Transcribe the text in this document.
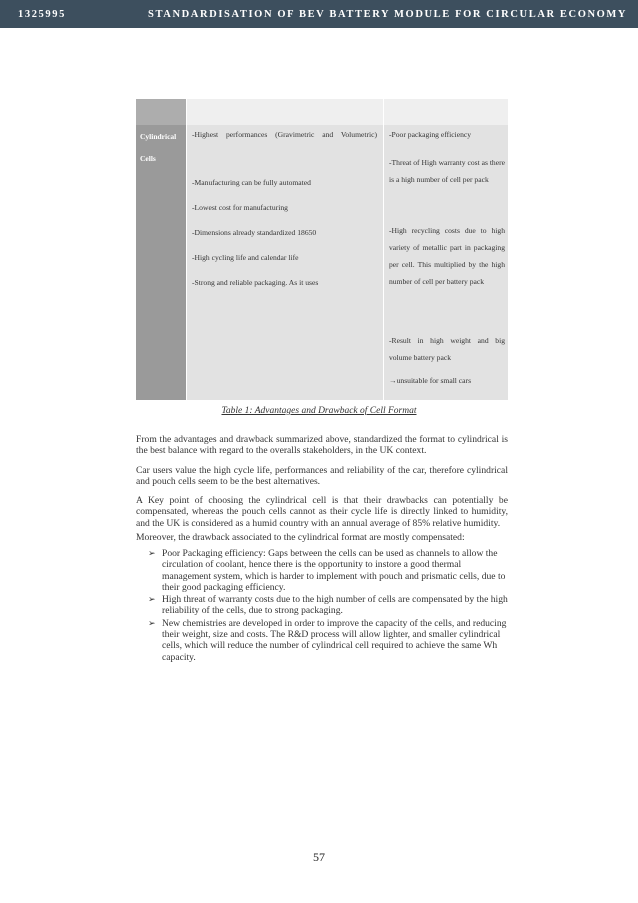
1325995	STANDARDISATION OF BEV BATTERY MODULE FOR CIRCULAR ECONOMY
Cylindrical
Cells
-Highest performances (Gravimetric and Volumetric)
-Manufacturing can be fully automated
-Lowest cost for manufacturing
-Dimensions already standardized 18650
-High cycling life and calendar life
-Strong and reliable packaging. As it uses
-Poor packaging efficiency
-Threat of High warranty cost as there is a high number of cell per pack
-High recycling costs due to high variety of metallic part in packaging per cell. This multiplied by the high number of cell per battery pack
-Result in high weight and big volume battery pack
→unsuitable for small cars
Table 1: Advantages and Drawback of Cell Format
From the advantages and drawback summarized above, standardized the format to cylindrical is the best balance with regard to the overalls stakeholders, in the UK context.
Car users value the high cycle life, performances and reliability of the car, therefore cylindrical and pouch cells seem to be the best alternatives.
A Key point of choosing the cylindrical cell is that their drawbacks can potentially be compensated, whereas the pouch cells cannot as their cycle life is directly linked to humidity, and the UK is considered as a humid country with an annual average of 85% relative humidity.
Moreover, the drawback associated to the cylindrical format are mostly compensated:
➢ Poor Packaging efficiency: Gaps between the cells can be used as channels to allow the circulation of coolant, hence there is the opportunity to instore a good thermal management system, which is harder to implement with pouch and prismatic cells, due to their good packaging efficiency.
➢ High threat of warranty costs due to the high number of cells are compensated by the high reliability of the cells, due to strong packaging.
➢ New chemistries are developed in order to improve the capacity of the cells, and reducing their weight, size and costs. The R&D process will allow lighter, and smaller cylindrical cells, which will reduce the number of cylindrical cell required to achieve the same Wh capacity.
57
